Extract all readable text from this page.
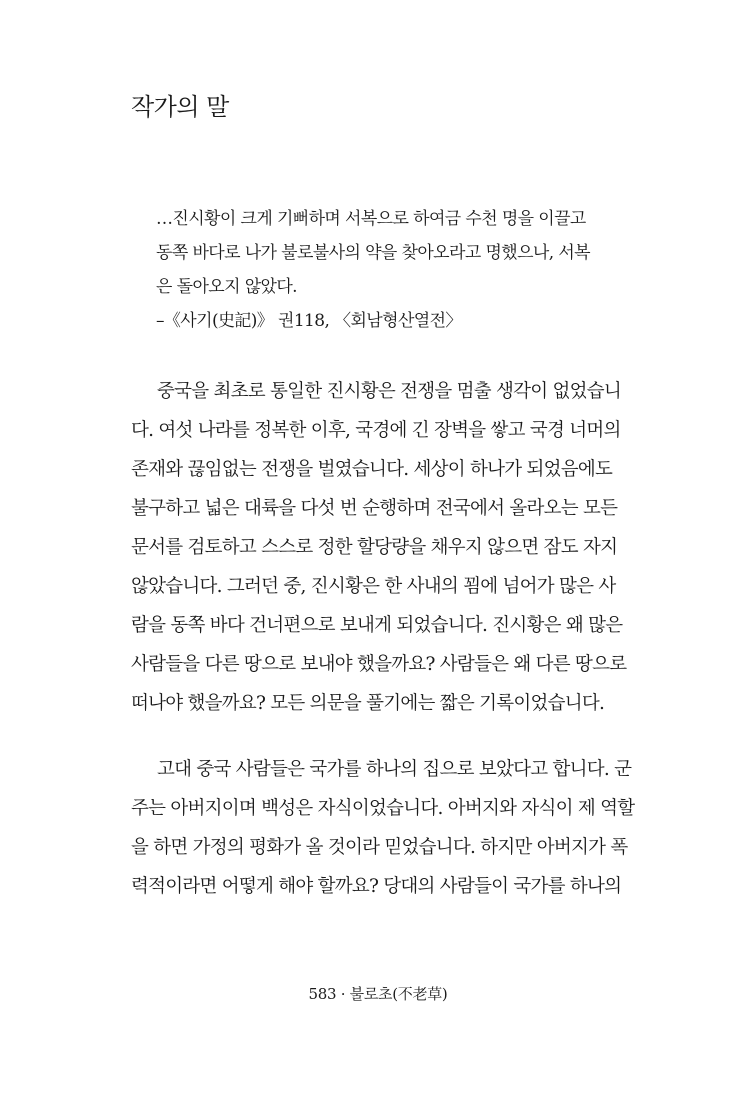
작가의 말
…진시황이 크게 기뻐하며 서복으로 하여금 수천 명을 이끌고
동쪽 바다로 나가 불로불사의 약을 찾아오라고 명했으나, 서복
은 돌아오지 않았다.
–《사기(史記)》 권118, 〈회남형산열전〉
중국을 최초로 통일한 진시황은 전쟁을 멈출 생각이 없었습니
다. 여섯 나라를 정복한 이후, 국경에 긴 장벽을 쌓고 국경 너머의
존재와 끊임없는 전쟁을 벌였습니다. 세상이 하나가 되었음에도
불구하고 넓은 대륙을 다섯 번 순행하며 전국에서 올라오는 모든
문서를 검토하고 스스로 정한 할당량을 채우지 않으면 잠도 자지
않았습니다. 그러던 중, 진시황은 한 사내의 꾐에 넘어가 많은 사
람을 동쪽 바다 건너편으로 보내게 되었습니다. 진시황은 왜 많은
사람들을 다른 땅으로 보내야 했을까요? 사람들은 왜 다른 땅으로
떠나야 했을까요? 모든 의문을 풀기에는 짧은 기록이었습니다.
고대 중국 사람들은 국가를 하나의 집으로 보았다고 합니다. 군
주는 아버지이며 백성은 자식이었습니다. 아버지와 자식이 제 역할
을 하면 가정의 평화가 올 것이라 믿었습니다. 하지만 아버지가 폭
력적이라면 어떻게 해야 할까요? 당대의 사람들이 국가를 하나의
583 · 불로초(不老草)
